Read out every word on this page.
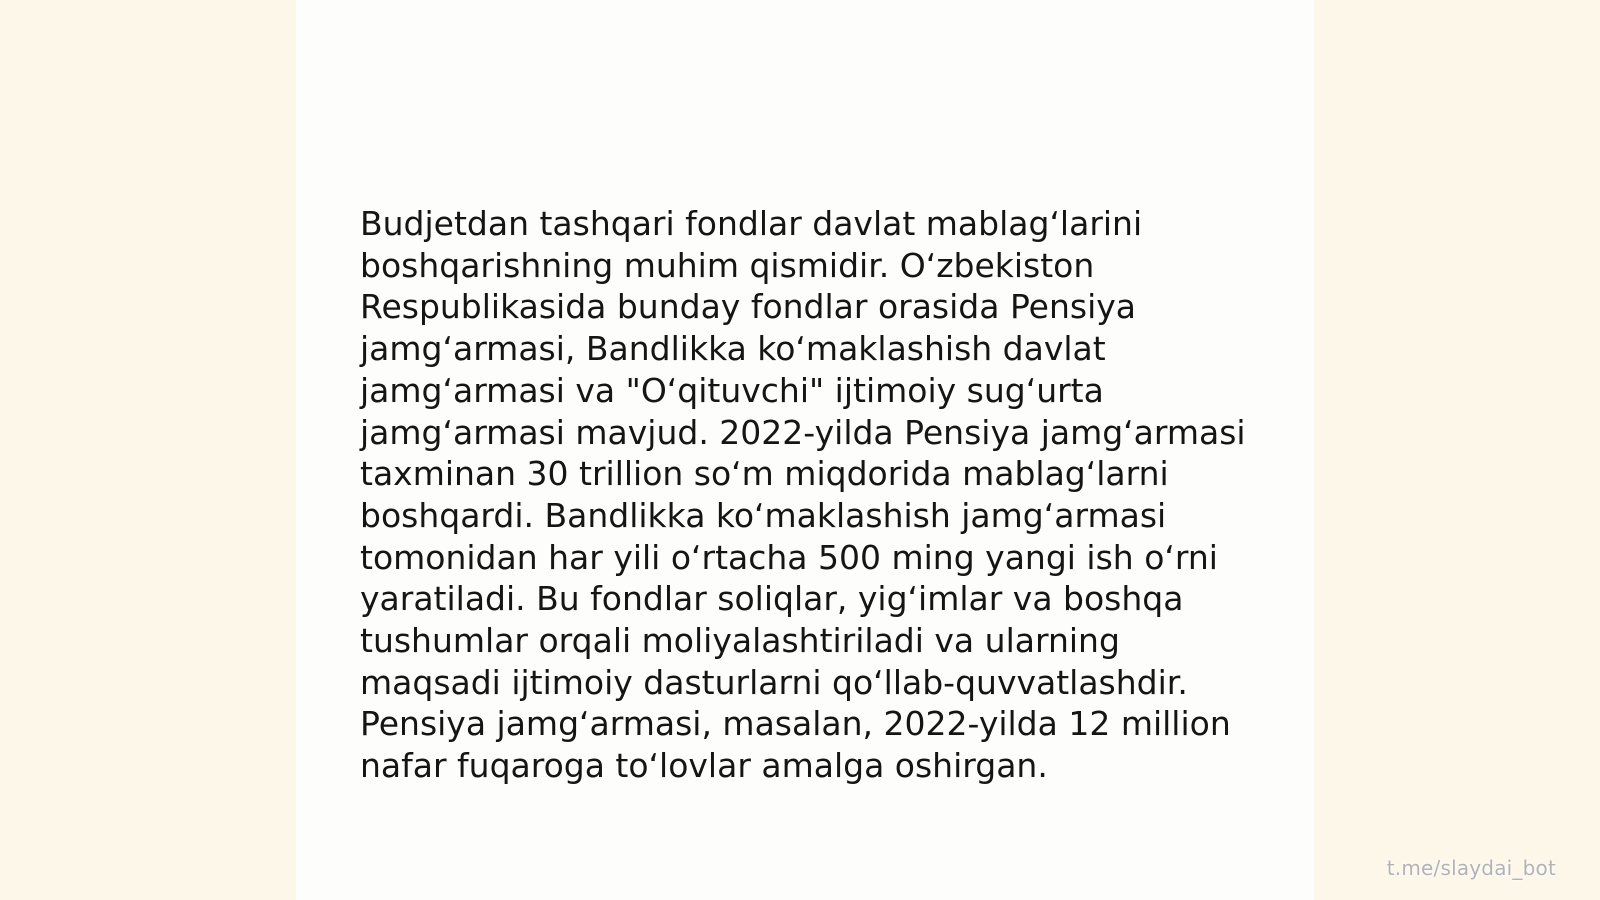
Budjetdan tashqari fondlar davlat mablag‘larini
boshqarishning muhim qismidir. O‘zbekiston
Respublikasida bunday fondlar orasida Pensiya
jamg‘armasi, Bandlikka ko‘maklashish davlat
jamg‘armasi va "O‘qituvchi" ijtimoiy sug‘urta
jamg‘armasi mavjud. 2022-yilda Pensiya jamg‘armasi
taxminan 30 trillion so‘m miqdorida mablag‘larni
boshqardi. Bandlikka ko‘maklashish jamg‘armasi
tomonidan har yili o‘rtacha 500 ming yangi ish o‘rni
yaratiladi. Bu fondlar soliqlar, yig‘imlar va boshqa
tushumlar orqali moliyalashtiriladi va ularning
maqsadi ijtimoiy dasturlarni qo‘llab-quvvatlashdir.
Pensiya jamg‘armasi, masalan, 2022-yilda 12 million
nafar fuqaroga to‘lovlar amalga oshirgan.

t.me/slaydai_bot
